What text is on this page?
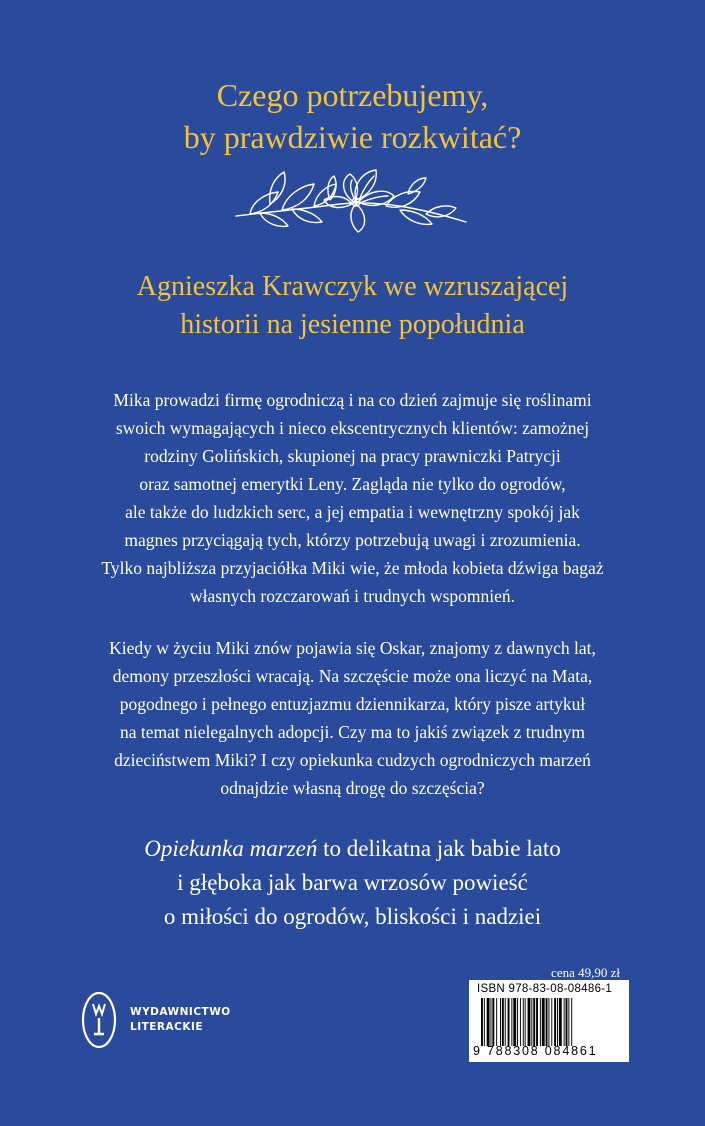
Czego potrzebujemy,
by prawdziwie rozkwitać?
Agnieszka Krawczyk we wzruszającej
historii na jesienne popołudnia
Mika prowadzi firmę ogrodniczą i na co dzień zajmuje się roślinami
swoich wymagających i nieco ekscentrycznych klientów: zamożnej
rodziny Golińskich, skupionej na pracy prawniczki Patrycji
oraz samotnej emerytki Leny. Zagląda nie tylko do ogrodów,
ale także do ludzkich serc, a jej empatia i wewnętrzny spokój jak
magnes przyciągają tych, którzy potrzebują uwagi i zrozumienia.
Tylko najbliższa przyjaciółka Miki wie, że młoda kobieta dźwiga bagaż
własnych rozczarowań i trudnych wspomnień.
Kiedy w życiu Miki znów pojawia się Oskar, znajomy z dawnych lat,
demony przeszłości wracają. Na szczęście może ona liczyć na Mata,
pogodnego i pełnego entuzjazmu dziennikarza, który pisze artykuł
na temat nielegalnych adopcji. Czy ma to jakiś związek z trudnym
dzieciństwem Miki? I czy opiekunka cudzych ogrodniczych marzeń
odnajdzie własną drogę do szczęścia?
Opiekunka marzeń to delikatna jak babie lato
i głęboka jak barwa wrzosów powieść
o miłości do ogrodów, bliskości i nadziei
WYDAWNICTWO
LITERACKIE
cena 49,90 zł
ISBN 978-83-08-08486-1
9 788308 084861
